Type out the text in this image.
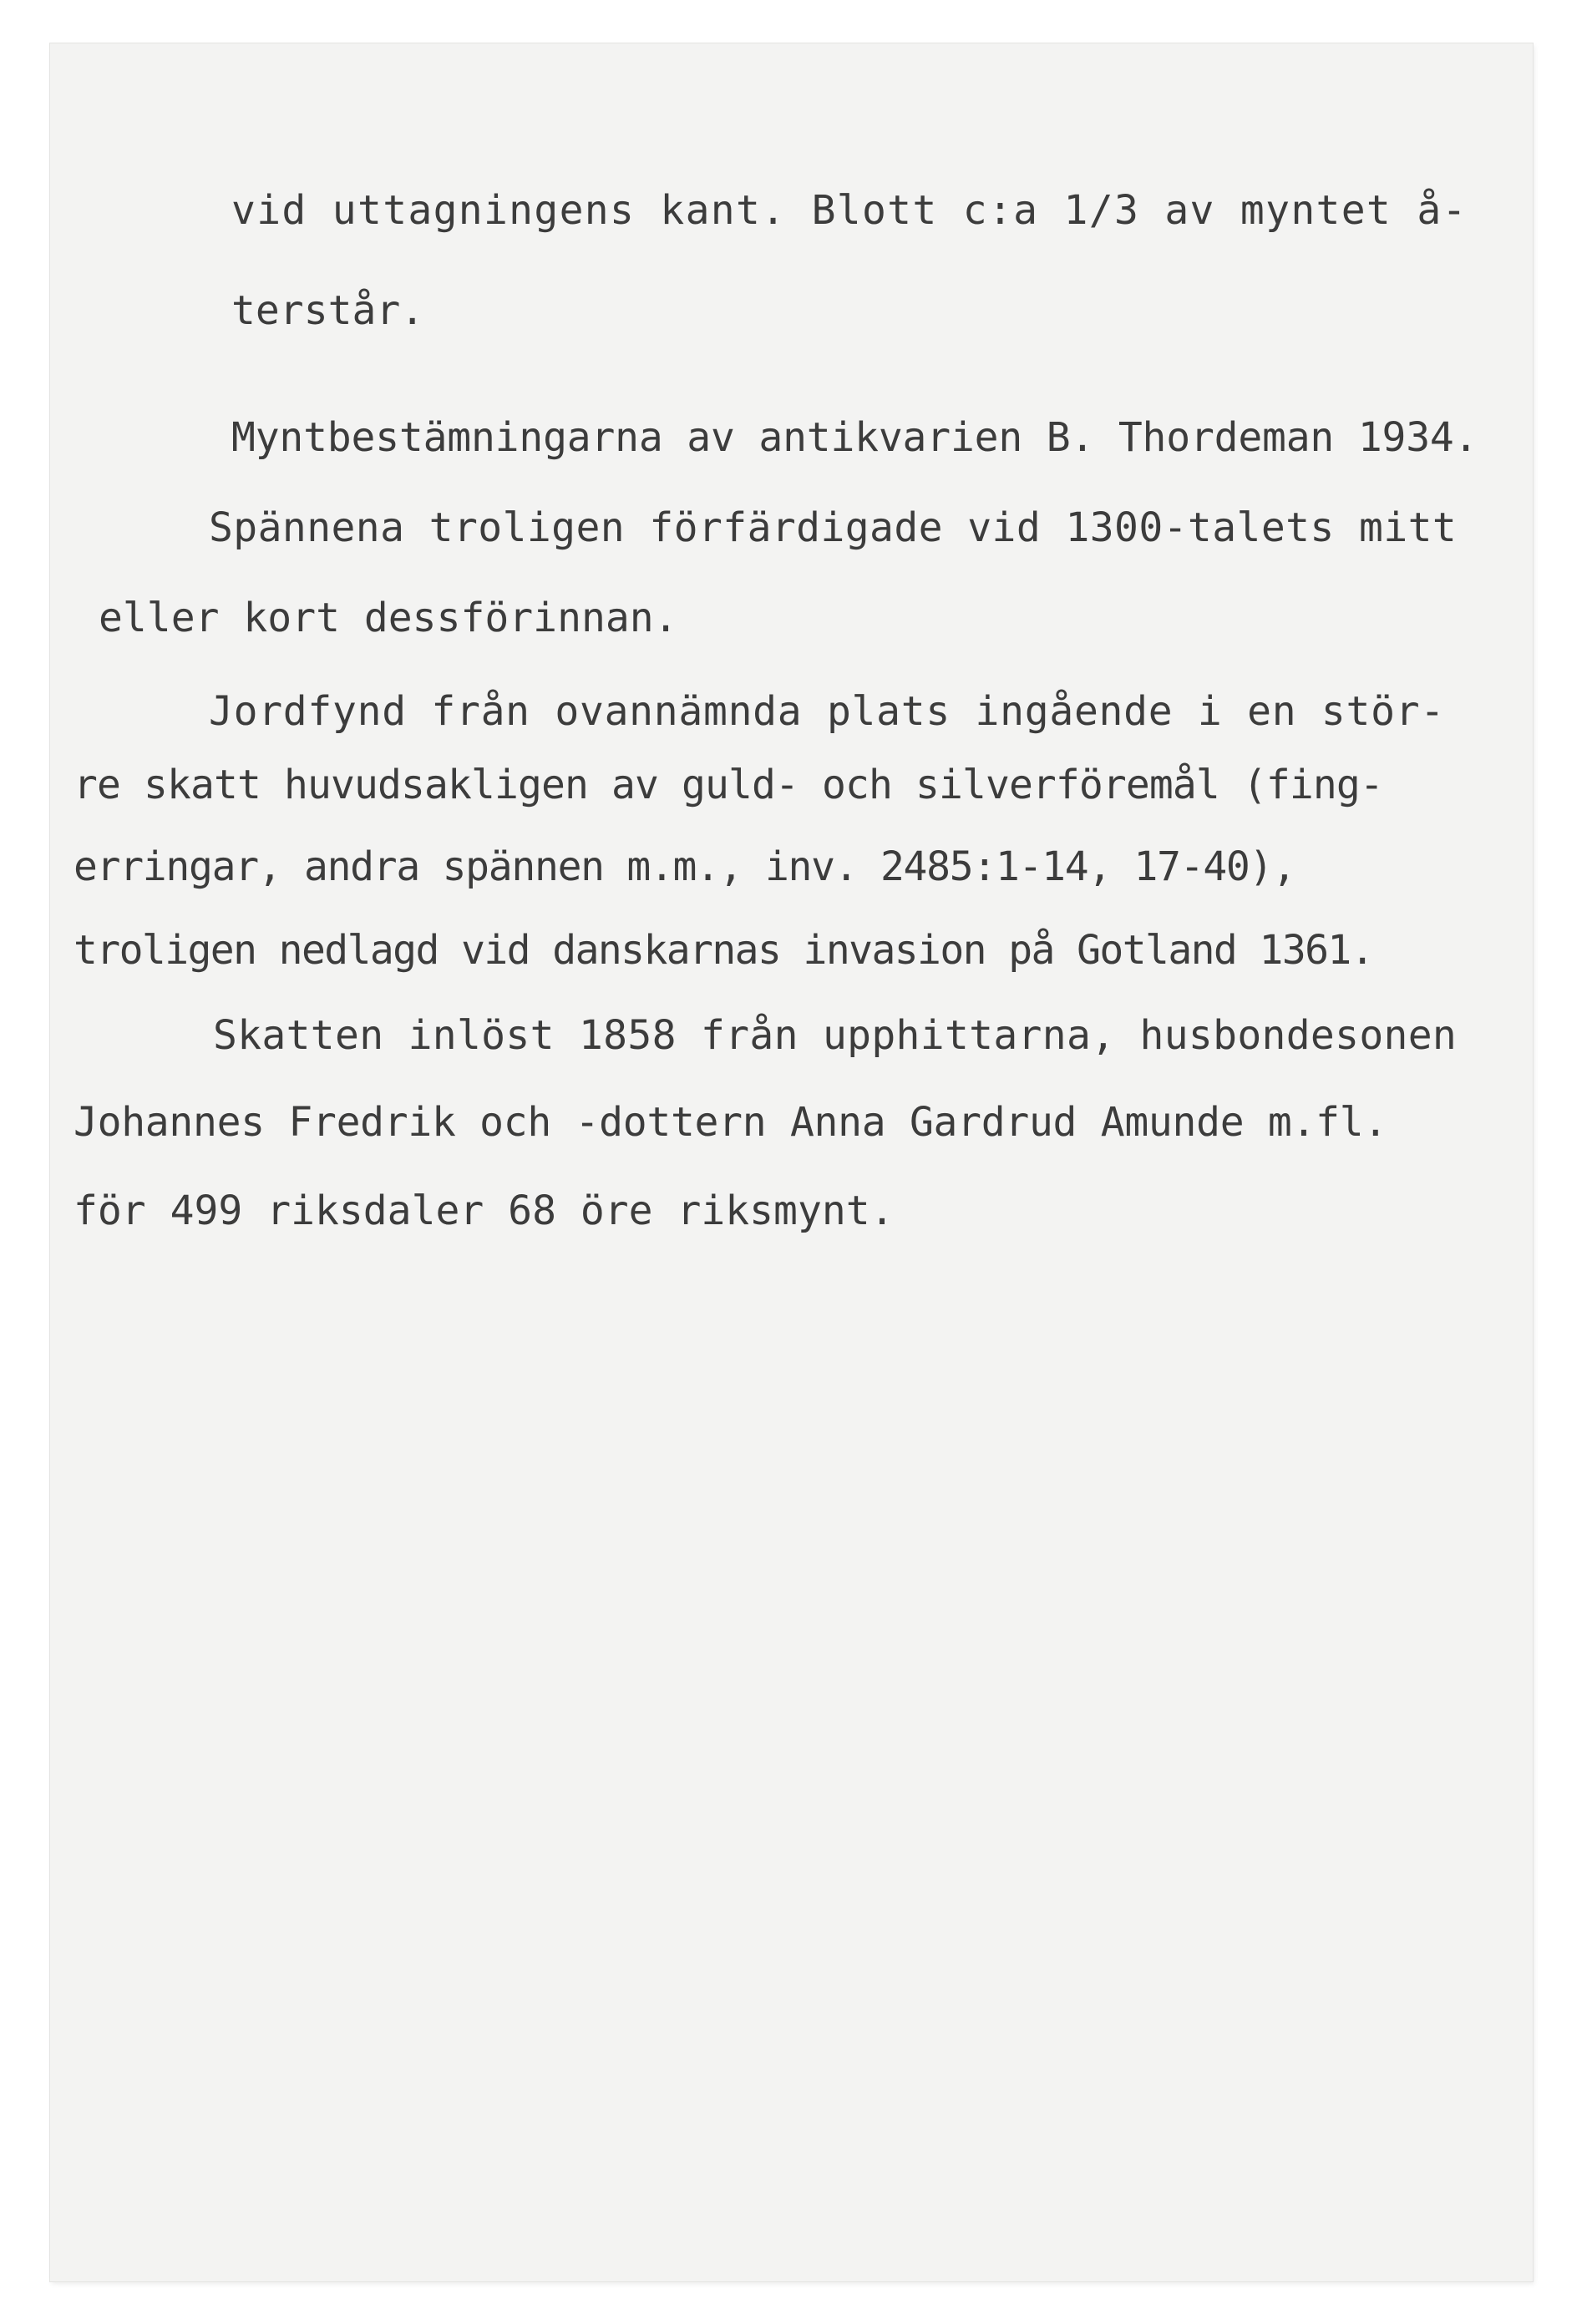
vid uttagningens kant. Blott c:a 1/3 av myntet å-

terstår.

Myntbestämningarna av antikvarien B. Thordeman 1934.

Spännena troligen förfärdigade vid 1300-talets mitt

eller kort dessförinnan.

Jordfynd från ovannämnda plats ingående i en stör-

re skatt huvudsakligen av guld- och silverföremål (fing-

erringar, andra spännen m.m., inv. 2485:1-14, 17-40),

troligen nedlagd vid danskarnas invasion på Gotland 1361.

Skatten inlöst 1858 från upphittarna, husbondesonen

Johannes Fredrik och -dottern Anna Gardrud Amunde m.fl.

för 499 riksdaler 68 öre riksmynt.
